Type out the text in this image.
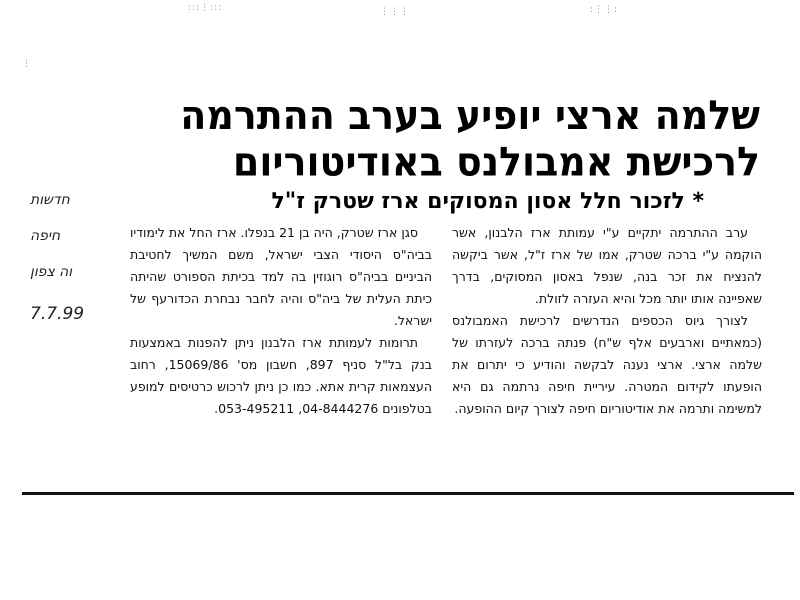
:::⋮:::	⋮⋮⋮	:⋮⋮:
⋮
שלמה ארצי יופיע בערב ההתרמה לרכישת אמבולנס באודיטוריום
* לזכור חלל אסון המסוקים ארז שטרק ז"ל
חדשות
חיפה
וה צפון
7.7.99

ערב ההתרמה יתקיים ע"י עמותת ארז הלבנון, אשר הוקמה ע"י ברכה שטרק, אמו של ארז ז"ל, אשר ביקשה להנציח את זכר בנה, שנפל באסון המסוקים, בדרך שאפיינה אותו יותר מכל והיא העזרה לזולת.

לצורך גיוס הכספים הנדרשים לרכישת האמבולנס (כמאתיים וארבעים אלף ש"ח) פנתה ברכה לעזרתו של שלמה ארצי. ארצי נענה לבקשה והודיע כי יתרום את הופעתו לקידום המטרה. עיריית חיפה נרתמה גם היא למשימה ותרמה את אודיטוריום חיפה לצורך קיום ההופעה.

סגן ארז שטרק, היה בן 21 בנפלו. ארז החל את לימודיו בביה"ס היסודי הצבי ישראל, משם המשיך לחטיבת הביניים בביה"ס רוגוזין בה למד בכיתת הספורט שהיתה כיתת העלית של ביה"ס והיה לחבר נבחרת הכדורעף של ישראל.

תרומות לעמותת ארז הלבנון ניתן להפנות באמצעות בנק בל"ל סניף 897, חשבון מס' 15069/86, רחוב העצמאות קרית אתא. כמו כן ניתן לרכוש כרטיסים למופע בטלפונים 04-8444276, 053-495211.
